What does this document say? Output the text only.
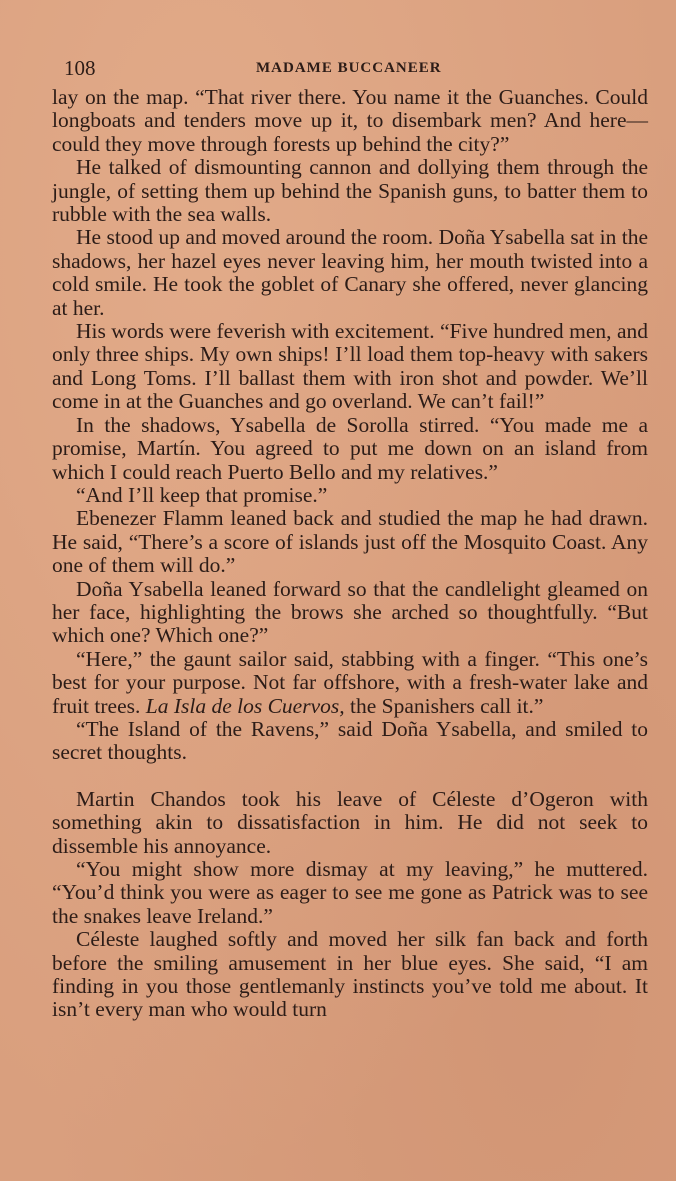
108	MADAME BUCCANEER

lay on the map. “That river there. You name it the Guanches. Could longboats and tenders move up it, to disembark men? And here—could they move through forests up behind the city?”

He talked of dismounting cannon and dollying them through the jungle, of setting them up behind the Spanish guns, to batter them to rubble with the sea walls.

He stood up and moved around the room. Doña Ysabella sat in the shadows, her hazel eyes never leaving him, her mouth twisted into a cold smile. He took the goblet of Canary she offered, never glancing at her.

His words were feverish with excitement. “Five hundred men, and only three ships. My own ships! I’ll load them top-heavy with sakers and Long Toms. I’ll ballast them with iron shot and powder. We’ll come in at the Guanches and go overland. We can’t fail!”

In the shadows, Ysabella de Sorolla stirred. “You made me a promise, Martín. You agreed to put me down on an island from which I could reach Puerto Bello and my relatives.”

“And I’ll keep that promise.”

Ebenezer Flamm leaned back and studied the map he had drawn. He said, “There’s a score of islands just off the Mosquito Coast. Any one of them will do.”

Doña Ysabella leaned forward so that the candlelight gleamed on her face, highlighting the brows she arched so thoughtfully. “But which one? Which one?”

“Here,” the gaunt sailor said, stabbing with a finger. “This one’s best for your purpose. Not far offshore, with a fresh-water lake and fruit trees. La Isla de los Cuervos, the Spanishers call it.”

“The Island of the Ravens,” said Doña Ysabella, and smiled to secret thoughts.

Martin Chandos took his leave of Céleste d’Ogeron with something akin to dissatisfaction in him. He did not seek to dissemble his annoyance.

“You might show more dismay at my leaving,” he muttered. “You’d think you were as eager to see me gone as Patrick was to see the snakes leave Ireland.”

Céleste laughed softly and moved her silk fan back and forth before the smiling amusement in her blue eyes. She said, “I am finding in you those gentlemanly instincts you’ve told me about. It isn’t every man who would turn
